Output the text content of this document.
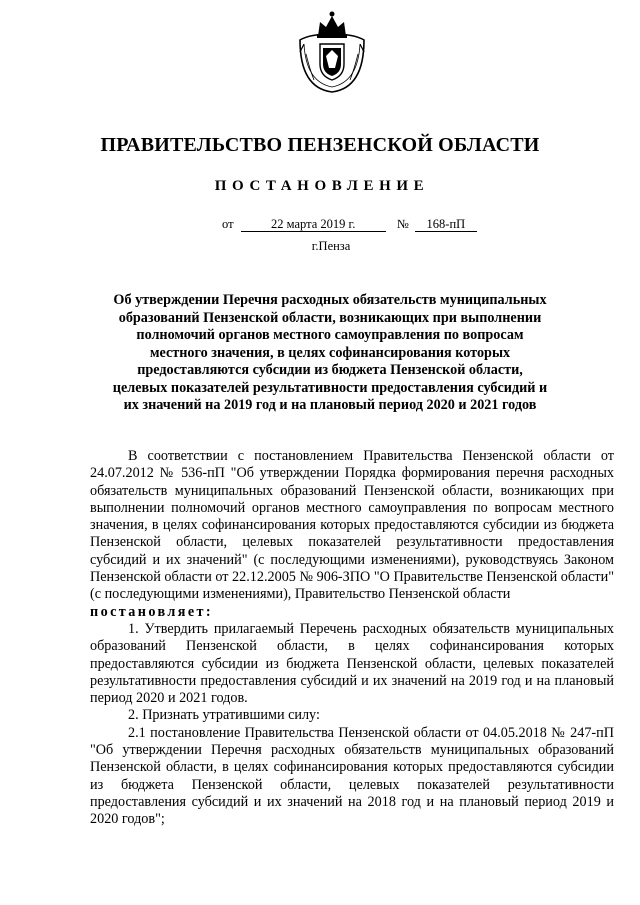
ПРАВИТЕЛЬСТВО ПЕНЗЕНСКОЙ ОБЛАСТИ
ПОСТАНОВЛЕНИЕ
от	22 марта 2019 г.	№ 168-пП
г.Пенза
Об утверждении Перечня расходных обязательств муниципальных образований Пензенской области, возникающих при выполнении полномочий органов местного самоуправления по вопросам местного значения, в целях софинансирования которых предоставляются субсидии из бюджета Пензенской области, целевых показателей результативности предоставления субсидий и их значений на 2019 год и на плановый период 2020 и 2021 годов

В соответствии с постановлением Правительства Пензенской области от 24.07.2012 № 536-пП "Об утверждении Порядка формирования перечня расходных обязательств муниципальных образований Пензенской области, возникающих при выполнении полномочий органов местного самоуправления по вопросам местного значения, в целях софинансирования которых предоставляются субсидии из бюджета Пензенской области, целевых показателей результативности предоставления субсидий и их значений" (с последующими изменениями), руководствуясь Законом Пензенской области от 22.12.2005 № 906-ЗПО "О Правительстве Пензенской области" (с последующими изменениями), Правительство Пензенской области

постановляет:

1. Утвердить прилагаемый Перечень расходных обязательств муниципальных образований Пензенской области, в целях софинансирования которых предоставляются субсидии из бюджета Пензенской области, целевых показателей результативности предоставления субсидий и их значений на 2019 год и на плановый период 2020 и 2021 годов.

2. Признать утратившими силу:

2.1 постановление Правительства Пензенской области от 04.05.2018 № 247-пП "Об утверждении Перечня расходных обязательств муниципальных образований Пензенской области, в целях софинансирования которых предоставляются субсидии из бюджета Пензенской области, целевых показателей результативности предоставления субсидий и их значений на 2018 год и на плановый период 2019 и 2020 годов";
